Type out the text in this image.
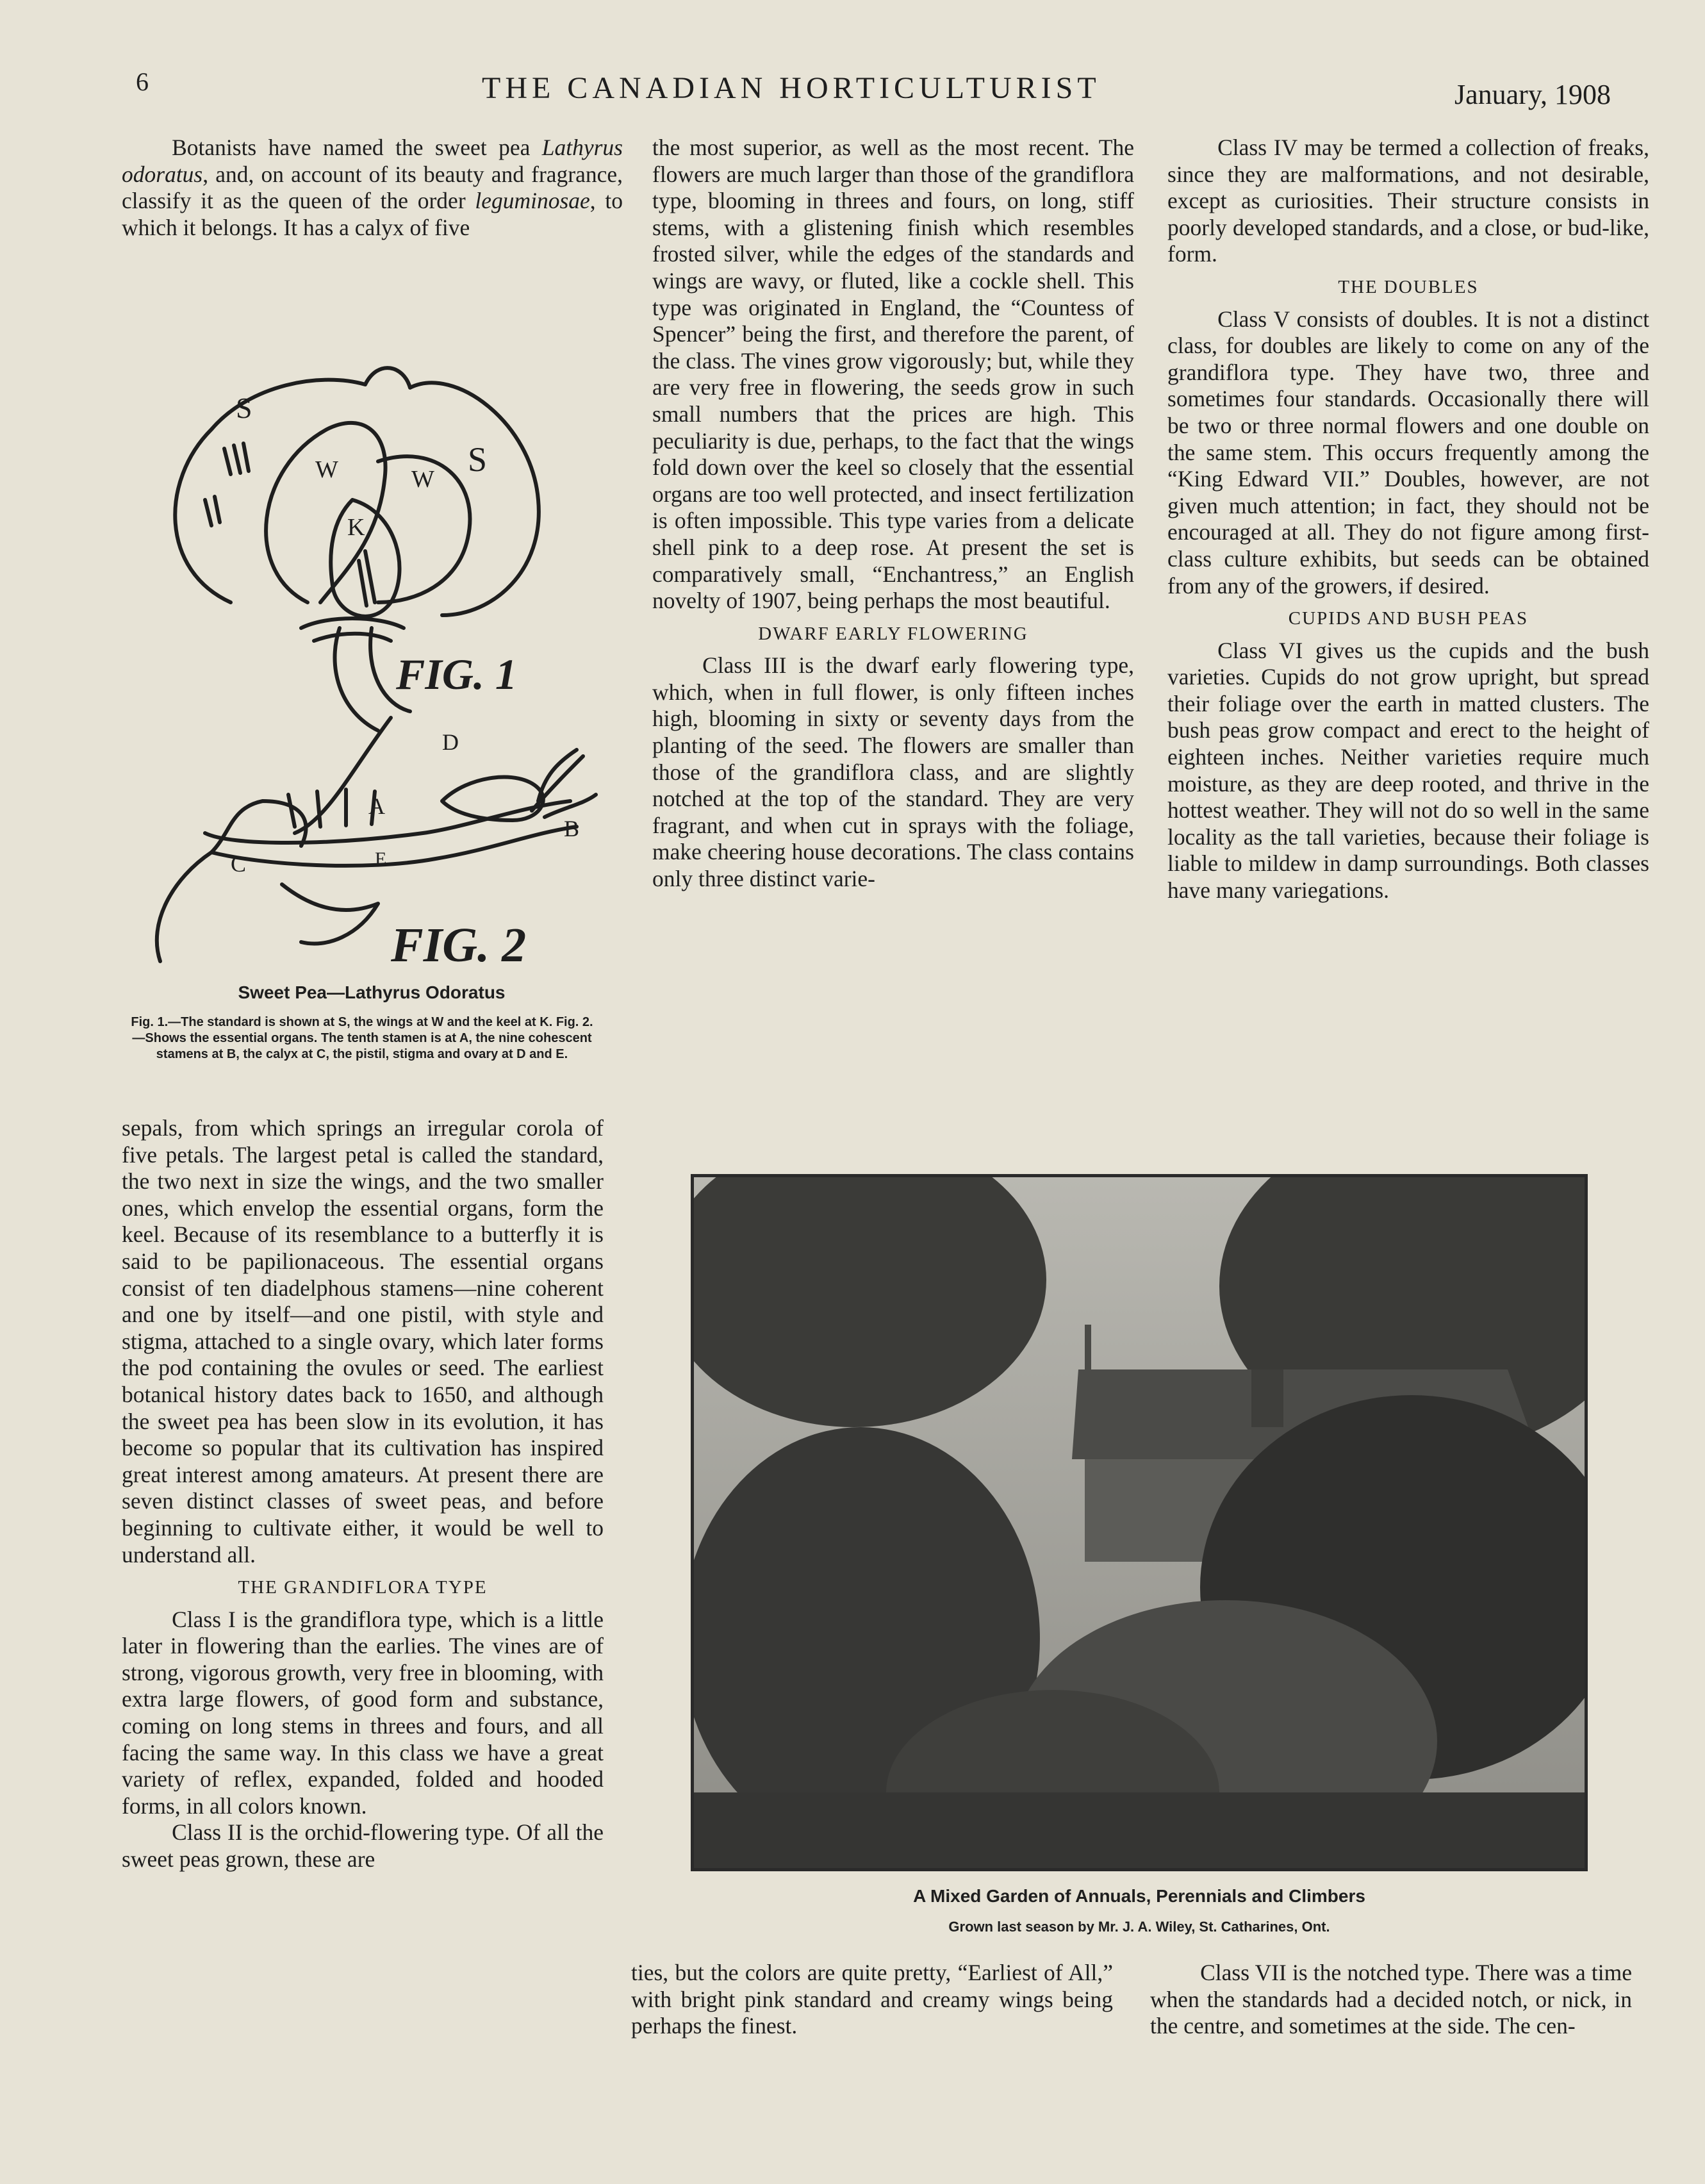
6	THE CANADIAN HORTICULTURIST	January, 1908

Botanists have named the sweet pea Lathyrus odoratus, and, on account of its beauty and fragrance, classify it as the queen of the order leguminosae, to which it belongs. It has a calyx of five

S
S
W	W
K
D
A
B
C	E
FIG. 1
FIG. 2
Sweet Pea—Lathyrus Odoratus
Fig. 1.—The standard is shown at S, the wings at W and the keel at K. Fig. 2.—Shows the essential organs. The tenth stamen is at A, the nine cohescent stamens at B, the calyx at C, the pistil, stigma and ovary at D and E.

sepals, from which springs an irregular corola of five petals. The largest petal is called the standard, the two next in size the wings, and the two smaller ones, which envelop the essential organs, form the keel. Because of its resemblance to a butterfly it is said to be papilionaceous. The essential organs consist of ten diadelphous stamens—nine coherent and one by itself—and one pistil, with style and stigma, attached to a single ovary, which later forms the pod containing the ovules or seed. The earliest botanical history dates back to 1650, and although the sweet pea has been slow in its evolution, it has become so popular that its cultivation has inspired great interest among amateurs. At present there are seven distinct classes of sweet peas, and before beginning to cultivate either, it would be well to understand all.

THE GRANDIFLORA TYPE

Class I is the grandiflora type, which is a little later in flowering than the earlies. The vines are of strong, vigorous growth, very free in blooming, with extra large flowers, of good form and substance, coming on long stems in threes and fours, and all facing the same way. In this class we have a great variety of reflex, expanded, folded and hooded forms, in all colors known.

Class II is the orchid-flowering type. Of all the sweet peas grown, these are

the most superior, as well as the most recent. The flowers are much larger than those of the grandiflora type, blooming in threes and fours, on long, stiff stems, with a glistening finish which resembles frosted silver, while the edges of the standards and wings are wavy, or fluted, like a cockle shell. This type was originated in England, the “Countess of Spencer” being the first, and therefore the parent, of the class. The vines grow vigorously; but, while they are very free in flowering, the seeds grow in such small numbers that the prices are high. This peculiarity is due, perhaps, to the fact that the wings fold down over the keel so closely that the essential organs are too well protected, and insect fertilization is often impossible. This type varies from a delicate shell pink to a deep rose. At present the set is comparatively small, “Enchantress,” an English novelty of 1907, being perhaps the most beautiful.

DWARF EARLY FLOWERING

Class III is the dwarf early flowering type, which, when in full flower, is only fifteen inches high, blooming in sixty or seventy days from the planting of the seed. The flowers are smaller than those of the grandiflora class, and are slightly notched at the top of the standard. They are very fragrant, and when cut in sprays with the foliage, make cheering house decorations. The class contains only three distinct varie-

Class IV may be termed a collection of freaks, since they are malformations, and not desirable, except as curiosities. Their structure consists in poorly developed standards, and a close, or bud-like, form.

THE DOUBLES

Class V consists of doubles. It is not a distinct class, for doubles are likely to come on any of the grandiflora type. They have two, three and sometimes four standards. Occasionally there will be two or three normal flowers and one double on the same stem. This occurs frequently among the “King Edward VII.” Doubles, however, are not given much attention; in fact, they should not be encouraged at all. They do not figure among first-class culture exhibits, but seeds can be obtained from any of the growers, if desired.

CUPIDS AND BUSH PEAS

Class VI gives us the cupids and the bush varieties. Cupids do not grow upright, but spread their foliage over the earth in matted clusters. The bush peas grow compact and erect to the height of eighteen inches. Neither varieties require much moisture, as they are deep rooted, and thrive in the hottest weather. They will not do so well in the same locality as the tall varieties, because their foliage is liable to mildew in damp surroundings. Both classes have many variegations.

A Mixed Garden of Annuals, Perennials and Climbers
Grown last season by Mr. J. A. Wiley, St. Catharines, Ont.

ties, but the colors are quite pretty, “Earliest of All,” with bright pink standard and creamy wings being perhaps the finest.

Class VII is the notched type. There was a time when the standards had a decided notch, or nick, in the centre, and sometimes at the side. The cen-
